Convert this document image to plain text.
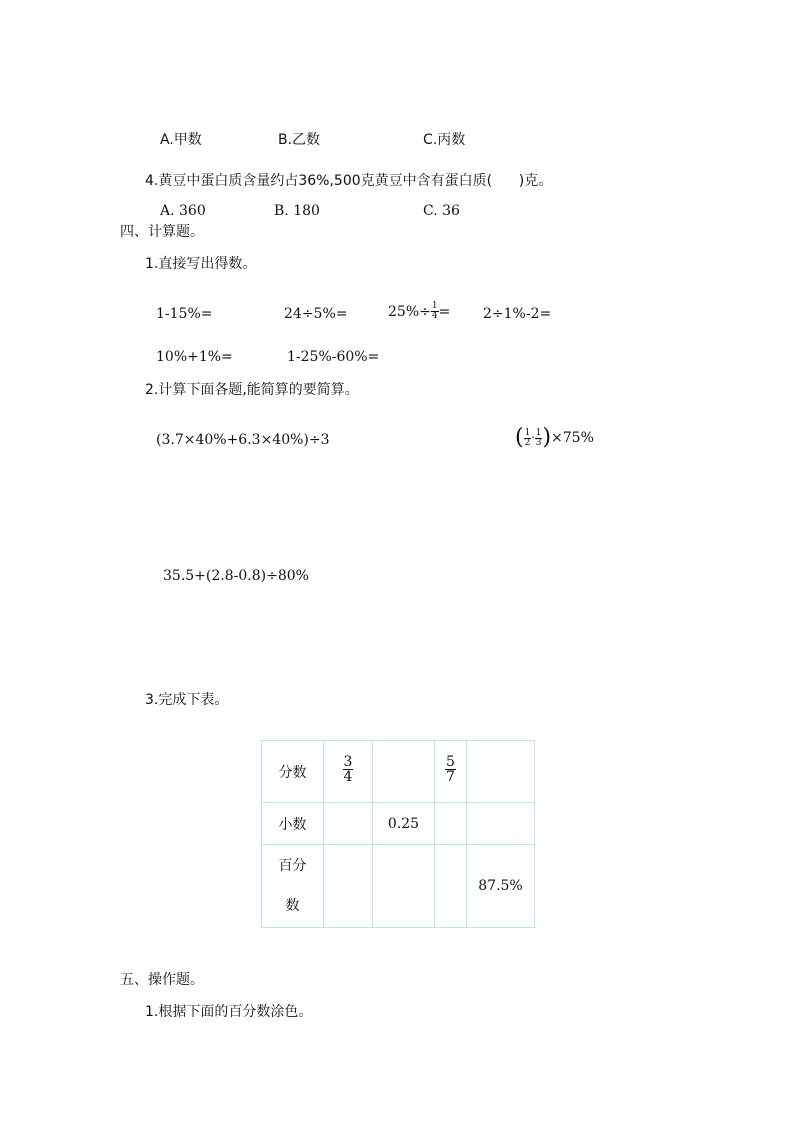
A.甲数	B.乙数	C.丙数
4.黄豆中蛋白质含量约占36%,500克黄豆中含有蛋白质(      )克。
A. 360	B. 180	C. 36
四、计算题。
1.直接写出得数。
1-15%=	24÷5%=	$25\%\div \frac{1}{4} = 2\div 1\%-2=$
10%+1%=	1-25%-60%=
2.计算下面各题,能简算的要简算。
(3.7×40%+6.3×40%)÷3	( $\frac{1}{2} - \frac{1}{3}$ ) ×75%
35.5+(2.8-0.8)÷80%
3.完成下表。
分数	$\frac{3}{4}$		$\frac{5}{7}$

小数		0.25		

百分
数				87.5%
五、操作题。
1.根据下面的百分数涂色。
